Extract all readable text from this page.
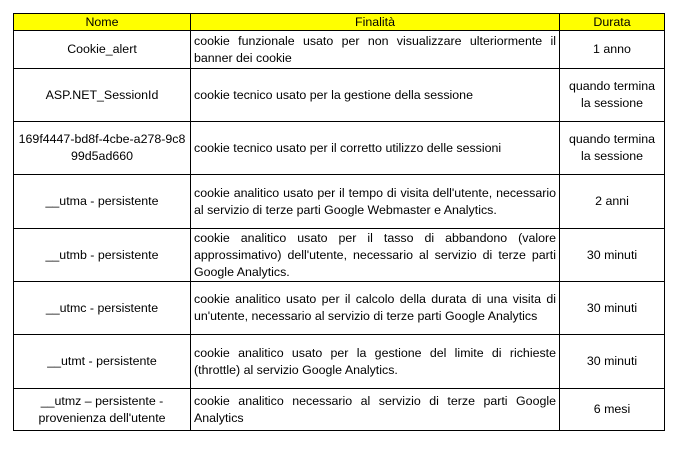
Nome	Finalità	Durata
Cookie_alert	cookie funzionale usato per non visualizzare ulteriormente il banner dei cookie	1 anno
ASP.NET_SessionId	cookie tecnico usato per la gestione della sessione	quando termina la sessione
169f4447-bd8f-4cbe-a278-9c899d5ad660	cookie tecnico usato per il corretto utilizzo delle sessioni	quando termina la sessione
__utma - persistente	cookie analitico usato per il tempo di visita dell'utente, necessario al servizio di terze parti Google Webmaster e Analytics.	2 anni
__utmb - persistente	cookie analitico usato per il tasso di abbandono (valore approssimativo) dell'utente, necessario al servizio di terze parti Google Analytics.	30 minuti
__utmc - persistente	cookie analitico usato per il calcolo della durata di una visita di un'utente, necessario al servizio di terze parti Google Analytics	30 minuti
__utmt - persistente	cookie analitico usato per la gestione del limite di richieste (throttle) al servizio Google Analytics.	30 minuti
__utmz – persistente - provenienza dell'utente	cookie analitico necessario al servizio di terze parti Google Analytics	6 mesi
